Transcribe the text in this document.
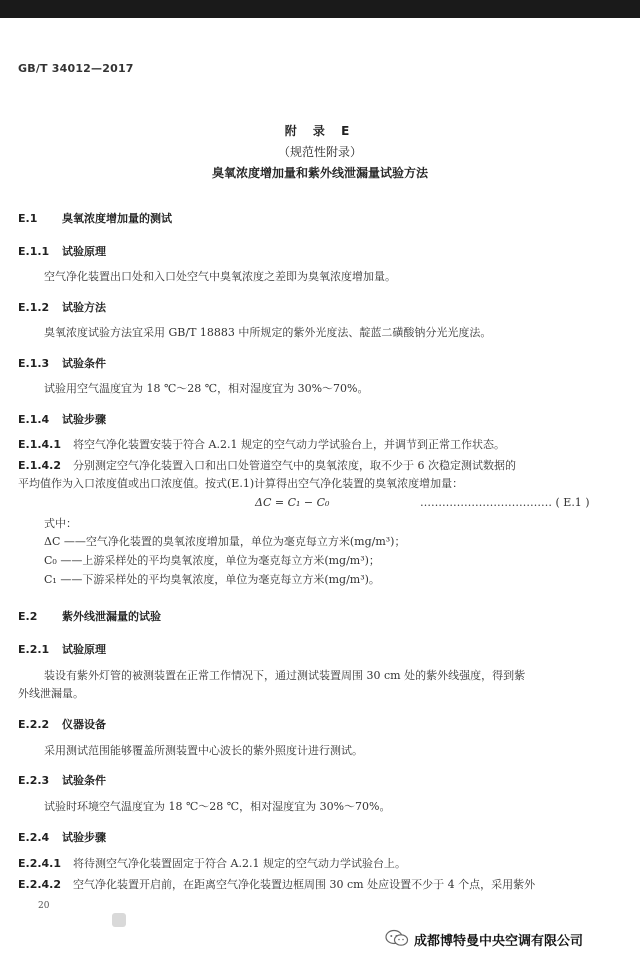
GB/T 34012—2017
附 录 E
（规范性附录）
臭氧浓度增加量和紫外线泄漏量试验方法
E.1 臭氧浓度增加量的测试
E.1.1 试验原理
空气净化装置出口处和入口处空气中臭氧浓度之差即为臭氧浓度增加量。
E.1.2 试验方法
臭氧浓度试验方法宜采用 GB/T 18883 中所规定的紫外光度法、靛蓝二磺酸钠分光光度法。
E.1.3 试验条件
试验用空气温度宜为 18 ℃～28 ℃，相对湿度宜为 30%～70%。
E.1.4 试验步骤
E.1.4.1 将空气净化装置安装于符合 A.2.1 规定的空气动力学试验台上，并调节到正常工作状态。
E.1.4.2 分别测定空气净化装置入口和出口处管道空气中的臭氧浓度，取不少于 6 次稳定测试数据的
平均值作为入口浓度值或出口浓度值。按式(E.1)计算得出空气净化装置的臭氧浓度增加量：
ΔC = C₁ − C₀	……………………………… ( E.1 )
式中：
ΔC ——空气净化装置的臭氧浓度增加量，单位为毫克每立方米(mg/m³)；
C₀ ——上游采样处的平均臭氧浓度，单位为毫克每立方米(mg/m³)；
C₁ ——下游采样处的平均臭氧浓度，单位为毫克每立方米(mg/m³)。
E.2 紫外线泄漏量的试验
E.2.1 试验原理
装设有紫外灯管的被测装置在正常工作情况下，通过测试装置周围 30 cm 处的紫外线强度，得到紫
外线泄漏量。
E.2.2 仪器设备
采用测试范围能够覆盖所测装置中心波长的紫外照度计进行测试。
E.2.3 试验条件
试验时环境空气温度宜为 18 ℃～28 ℃，相对湿度宜为 30%～70%。
E.2.4 试验步骤
E.2.4.1 将待测空气净化装置固定于符合 A.2.1 规定的空气动力学试验台上。
E.2.4.2 空气净化装置开启前，在距离空气净化装置边框周围 30 cm 处应设置不少于 4 个点，采用紫外
20
成都博特曼中央空调有限公司
